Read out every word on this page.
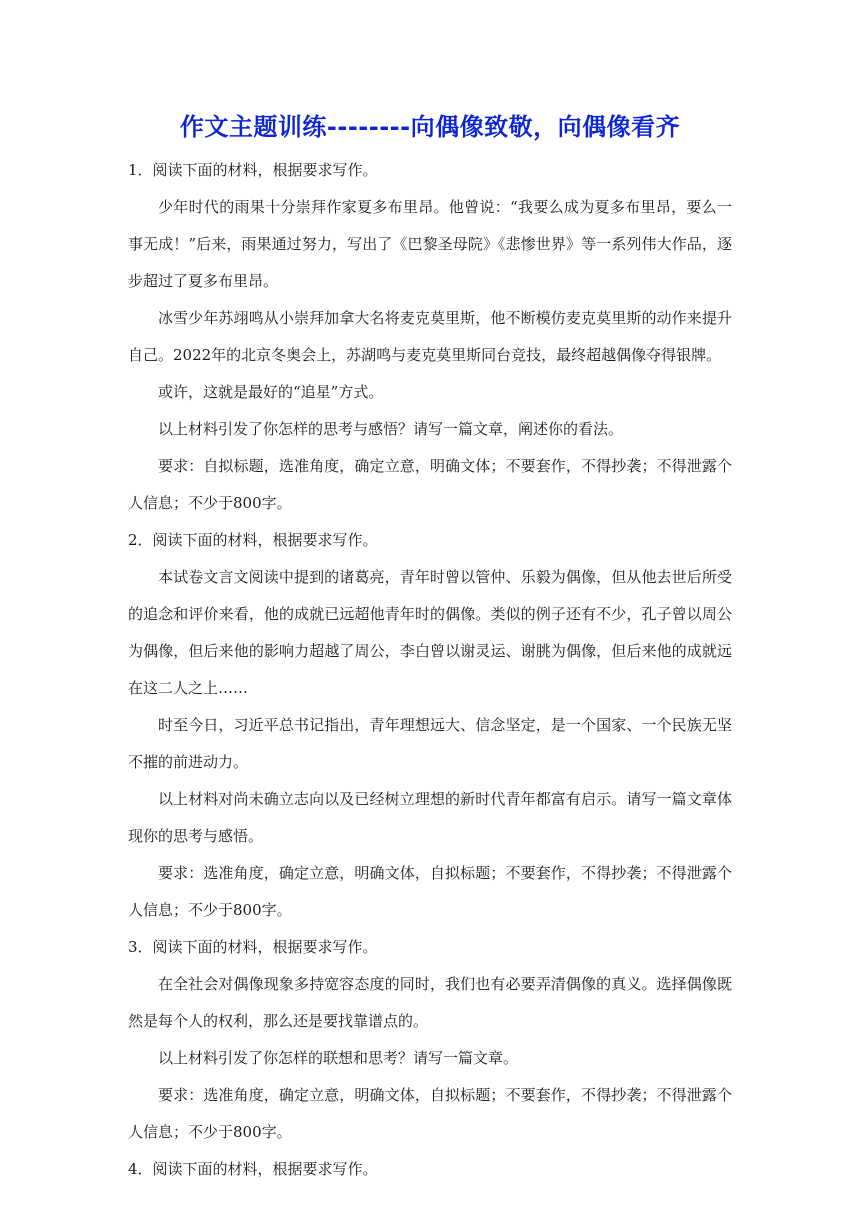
作文主题训练--------向偶像致敬，向偶像看齐
1．阅读下面的材料，根据要求写作。

少年时代的雨果十分崇拜作家夏多布里昂。他曾说：“我要么成为夏多布里昂，要么一事无成！”后来，雨果通过努力，写出了《巴黎圣母院》《悲惨世界》等一系列伟大作品，逐步超过了夏多布里昂。

冰雪少年苏翊鸣从小崇拜加拿大名将麦克莫里斯，他不断模仿麦克莫里斯的动作来提升自己。2022年的北京冬奥会上，苏湖鸣与麦克莫里斯同台竞技，最终超越偶像夺得银牌。

或许，这就是最好的“追星”方式。

以上材料引发了你怎样的思考与感悟？请写一篇文章，阐述你的看法。

要求：自拟标题，选准角度，确定立意，明确文体；不要套作，不得抄袭；不得泄露个人信息；不少于800字。

2．阅读下面的材料，根据要求写作。

本试卷文言文阅读中提到的诸葛亮，青年时曾以管仲、乐毅为偶像，但从他去世后所受的追念和评价来看，他的成就已远超他青年时的偶像。类似的例子还有不少，孔子曾以周公为偶像，但后来他的影响力超越了周公，李白曾以谢灵运、谢朓为偶像，但后来他的成就远在这二人之上……

时至今日，习近平总书记指出，青年理想远大、信念坚定，是一个国家、一个民族无坚不摧的前进动力。

以上材料对尚未确立志向以及已经树立理想的新时代青年都富有启示。请写一篇文章体现你的思考与感悟。

要求：选准角度，确定立意，明确文体，自拟标题；不要套作，不得抄袭；不得泄露个人信息；不少于800字。

3．阅读下面的材料，根据要求写作。

在全社会对偶像现象多持宽容态度的同时，我们也有必要弄清偶像的真义。选择偶像既然是每个人的权利，那么还是要找靠谱点的。

以上材料引发了你怎样的联想和思考？请写一篇文章。

要求：选准角度，确定立意，明确文体，自拟标题；不要套作，不得抄袭；不得泄露个人信息；不少于800字。

4．阅读下面的材料，根据要求写作。
